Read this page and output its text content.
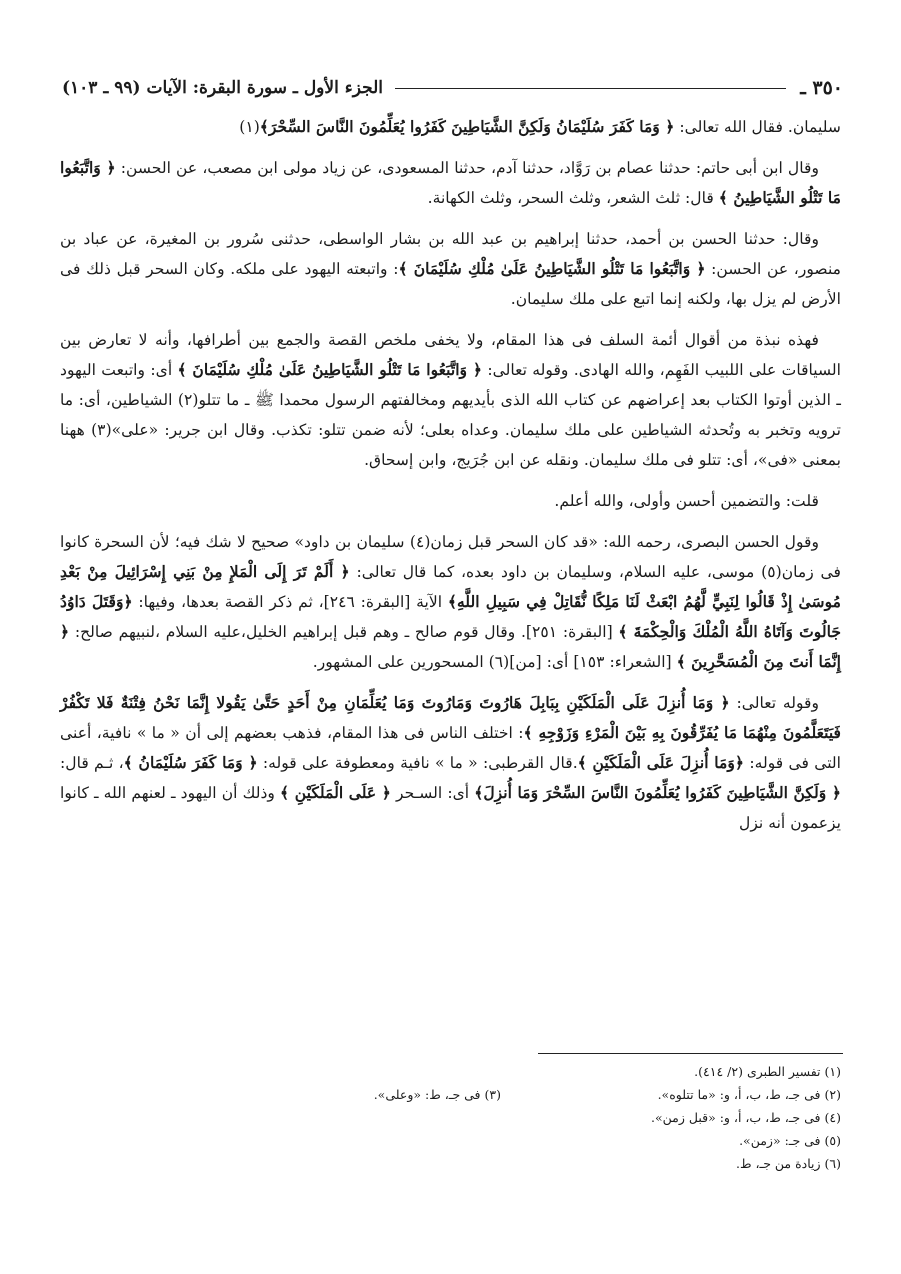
٣٥٠ ـ
الجزء الأول ـ سورة البقرة: الآيات (٩٩ ـ ١٠٣)

سليمان. فقال الله تعالى: ﴿ وَمَا كَفَرَ سُلَيْمَانُ وَلَكِنَّ الشَّيَاطِينَ كَفَرُوا يُعَلِّمُونَ النَّاسَ السِّحْرَ﴾(١)

وقال ابن أبى حاتم: حدثنا عصام بن رَوَّاد، حدثنا آدم، حدثنا المسعودى، عن زياد مولى ابن مصعب، عن الحسن: ﴿ وَاتَّبَعُوا مَا تَتْلُو الشَّيَاطِينُ ﴾ قال: ثلث الشعر، وثلث السحر، وثلث الكهانة.

وقال: حدثنا الحسن بن أحمد، حدثنا إبراهيم بن عبد الله بن بشار الواسطى، حدثنى سُرور بن المغيرة، عن عباد بن منصور، عن الحسن: ﴿ وَاتَّبَعُوا مَا تَتْلُو الشَّيَاطِينُ عَلَىٰ مُلْكِ سُلَيْمَانَ ﴾: واتبعته اليهود على ملكه. وكان السحر قبل ذلك فى الأرض لم يزل بها، ولكنه إنما اتبع على ملك سليمان.

فهذه نبذة من أقوال أئمة السلف فى هذا المقام، ولا يخفى ملخص القصة والجمع بين أطرافها، وأنه لا تعارض بين السياقات على اللبيب الفَهِم، والله الهادى. وقوله تعالى: ﴿ وَاتَّبَعُوا مَا تَتْلُو الشَّيَاطِينُ عَلَىٰ مُلْكِ سُلَيْمَانَ ﴾ أى: واتبعت اليهود ـ الذين أوتوا الكتاب بعد إعراضهم عن كتاب الله الذى بأيديهم ومخالفتهم الرسول محمدا ﷺ ـ ما تتلو(٢) الشياطين، أى: ما ترويه وتخبر به وتُحدثه الشياطين على ملك سليمان. وعداه بعلى؛ لأنه ضمن تتلو: تكذب. وقال ابن جرير: «على»(٣) ههنا بمعنى «فى»، أى: تتلو فى ملك سليمان. ونقله عن ابن جُرَيج، وابن إسحاق.

قلت: والتضمين أحسن وأولى، والله أعلم.

وقول الحسن البصرى، رحمه الله: «قد كان السحر قبل زمان(٤) سليمان بن داود» صحيح لا شك فيه؛ لأن السحرة كانوا فى زمان(٥) موسى، عليه السلام، وسليمان بن داود بعده، كما قال تعالى: ﴿ أَلَمْ تَرَ إِلَى الْمَلإِ مِنْ بَنِي إِسْرَائِيلَ مِنْ بَعْدِ مُوسَىٰ إِذْ قَالُوا لِنَبِيٍّ لَّهُمُ ابْعَثْ لَنَا مَلِكًا نُّقَاتِلْ فِي سَبِيلِ اللَّهِ﴾ الآية [البقرة: ٢٤٦]، ثم ذكر القصة بعدها، وفيها: ﴿وَقَتَلَ دَاوُدُ جَالُوتَ وَآتَاهُ اللَّهُ الْمُلْكَ وَالْحِكْمَةَ ﴾ [البقرة: ٢٥١]. وقال قوم صالح ـ وهم قبل إبراهيم الخليل،عليه السلام ،لنبيهم صالح: ﴿ إِنَّمَا أَنتَ مِنَ الْمُسَحَّرِينَ ﴾ [الشعراء: ١٥٣] أى: [من](٦) المسحورين على المشهور.

وقوله تعالى: ﴿ وَمَا أُنزِلَ عَلَى الْمَلَكَيْنِ بِبَابِلَ هَارُوتَ وَمَارُوتَ وَمَا يُعَلِّمَانِ مِنْ أَحَدٍ حَتَّىٰ يَقُولا إِنَّمَا نَحْنُ فِتْنَةٌ فَلا تَكْفُرْ فَيَتَعَلَّمُونَ مِنْهُمَا مَا يُفَرِّقُونَ بِهِ بَيْنَ الْمَرْءِ وَزَوْجِهِ ﴾: اختلف الناس فى هذا المقام، فذهب بعضهم إلى أن « ما » نافية، أعنى التى فى قوله: ﴿وَمَا أُنزِلَ عَلَى الْمَلَكَيْنِ ﴾.قال القرطبى: « ما » نافية ومعطوفة على قوله: ﴿ وَمَا كَفَرَ سُلَيْمَانُ ﴾، ثـم قال: ﴿ وَلَكِنَّ الشَّيَاطِينَ كَفَرُوا يُعَلِّمُونَ النَّاسَ السِّحْرَ وَمَا أُنزِلَ﴾ أى: السـحر ﴿ عَلَى الْمَلَكَيْنِ ﴾ وذلك أن اليهود ـ لعنهم الله ـ كانوا يزعمون أنه نزل

(١) تفسير الطبرى (٢/ ٤١٤).
(٢) فى جـ، ط، ب، أ، و: «ما تتلوه».
(٣) فى جـ، ط: «وعلى».
(٤) فى جـ، ط، ب، أ، و: «قبل زمن».
(٥) فى جـ: «زمن».
(٦) زيادة من جـ، ط.
